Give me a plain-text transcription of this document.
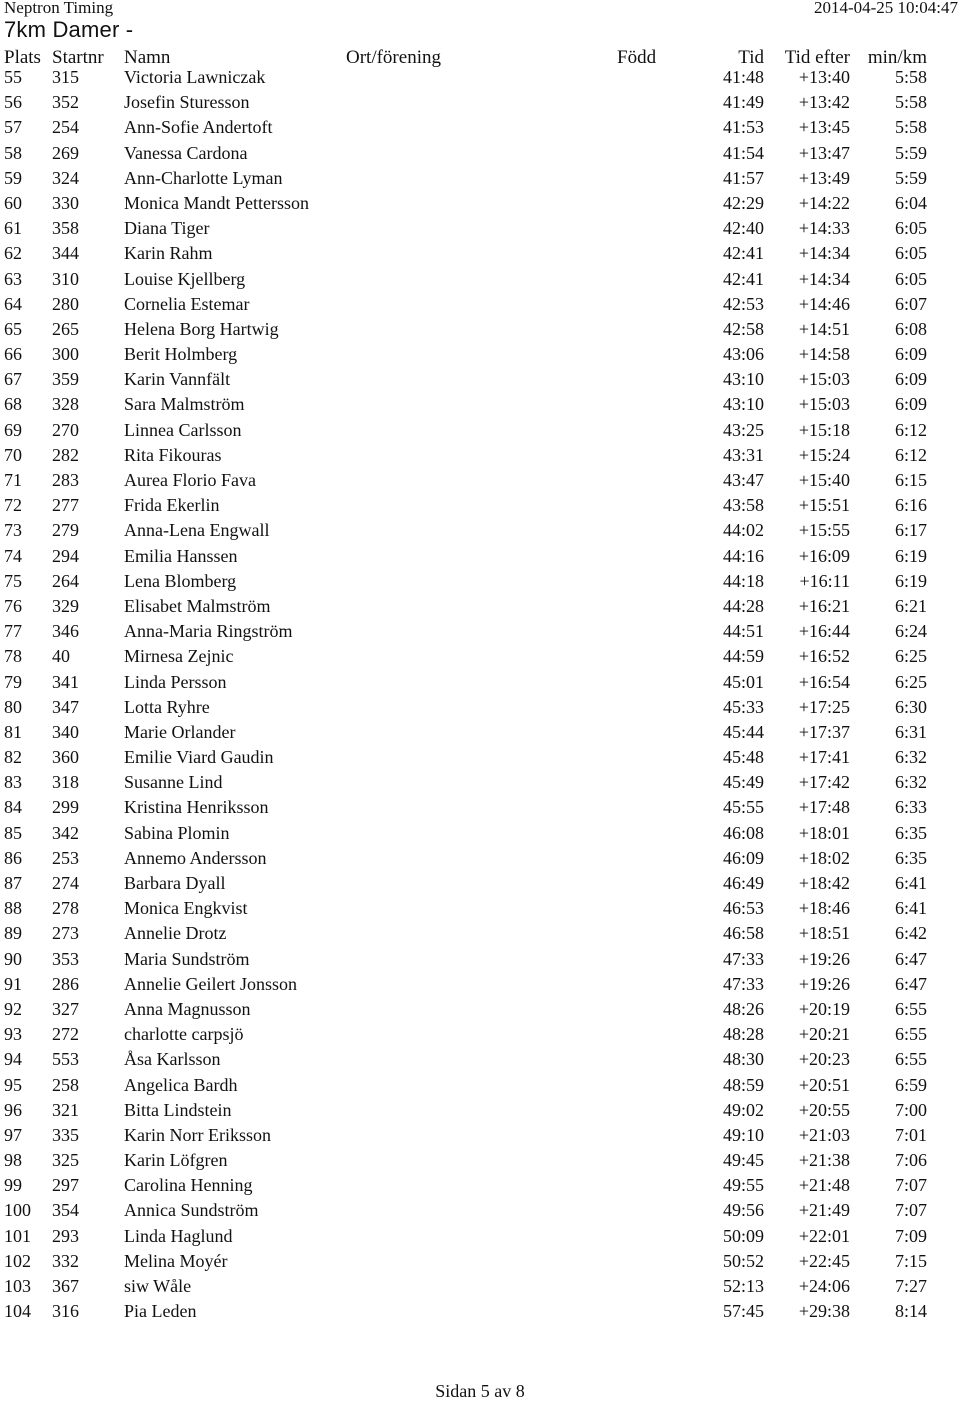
Neptron Timing	2014-04-25 10:04:47
7km Damer -
Plats Startnr Namn	Ort/förening	Född	Tid Tid efter min/km
55 315	Victoria Lawniczak	41:48 +13:40 5:58
56 352	Josefin Sturesson	41:49 +13:42 5:58
57 254	Ann-Sofie Andertoft	41:53 +13:45 5:58
58 269	Vanessa Cardona	41:54 +13:47 5:59
59 324	Ann-Charlotte Lyman	41:57 +13:49 5:59
60 330	Monica Mandt Pettersson	42:29 +14:22 6:04
61 358	Diana Tiger	42:40 +14:33 6:05
62 344	Karin Rahm	42:41 +14:34 6:05
63 310	Louise Kjellberg	42:41 +14:34 6:05
64 280	Cornelia Estemar	42:53 +14:46 6:07
65 265	Helena Borg Hartwig	42:58 +14:51 6:08
66 300	Berit Holmberg	43:06 +14:58 6:09
67 359	Karin Vannfält	43:10 +15:03 6:09
68 328	Sara Malmström	43:10 +15:03 6:09
69 270	Linnea Carlsson	43:25 +15:18 6:12
70 282	Rita Fikouras	43:31 +15:24 6:12
71 283	Aurea Florio Fava	43:47 +15:40 6:15
72 277	Frida Ekerlin	43:58 +15:51 6:16
73 279	Anna-Lena Engwall	44:02 +15:55 6:17
74 294	Emilia Hanssen	44:16 +16:09 6:19
75 264	Lena Blomberg	44:18 +16:11 6:19
76 329	Elisabet Malmström	44:28 +16:21 6:21
77 346	Anna-Maria Ringström	44:51 +16:44 6:24
78 40	Mirnesa Zejnic	44:59 +16:52 6:25
79 341	Linda Persson	45:01 +16:54 6:25
80 347	Lotta Ryhre	45:33 +17:25 6:30
81 340	Marie Orlander	45:44 +17:37 6:31
82 360	Emilie Viard Gaudin	45:48 +17:41 6:32
83 318	Susanne Lind	45:49 +17:42 6:32
84 299	Kristina Henriksson	45:55 +17:48 6:33
85 342	Sabina Plomin	46:08 +18:01 6:35
86 253	Annemo Andersson	46:09 +18:02 6:35
87 274	Barbara Dyall	46:49 +18:42 6:41
88 278	Monica Engkvist	46:53 +18:46 6:41
89 273	Annelie Drotz	46:58 +18:51 6:42
90 353	Maria Sundström	47:33 +19:26 6:47
91 286	Annelie Geilert Jonsson	47:33 +19:26 6:47
92 327	Anna Magnusson	48:26 +20:19 6:55
93 272	charlotte carpsjö	48:28 +20:21 6:55
94 553	Åsa Karlsson	48:30 +20:23 6:55
95 258	Angelica Bardh	48:59 +20:51 6:59
96 321	Bitta Lindstein	49:02 +20:55 7:00
97 335	Karin Norr Eriksson	49:10 +21:03 7:01
98 325	Karin Löfgren	49:45 +21:38 7:06
99 297	Carolina Henning	49:55 +21:48 7:07
100 354	Annica Sundström	49:56 +21:49 7:07
101 293	Linda Haglund	50:09 +22:01 7:09
102 332	Melina Moyér	50:52 +22:45 7:15
103 367	siw Wåle	52:13 +24:06 7:27
104 316	Pia Leden	57:45 +29:38 8:14
Sidan 5 av 8
